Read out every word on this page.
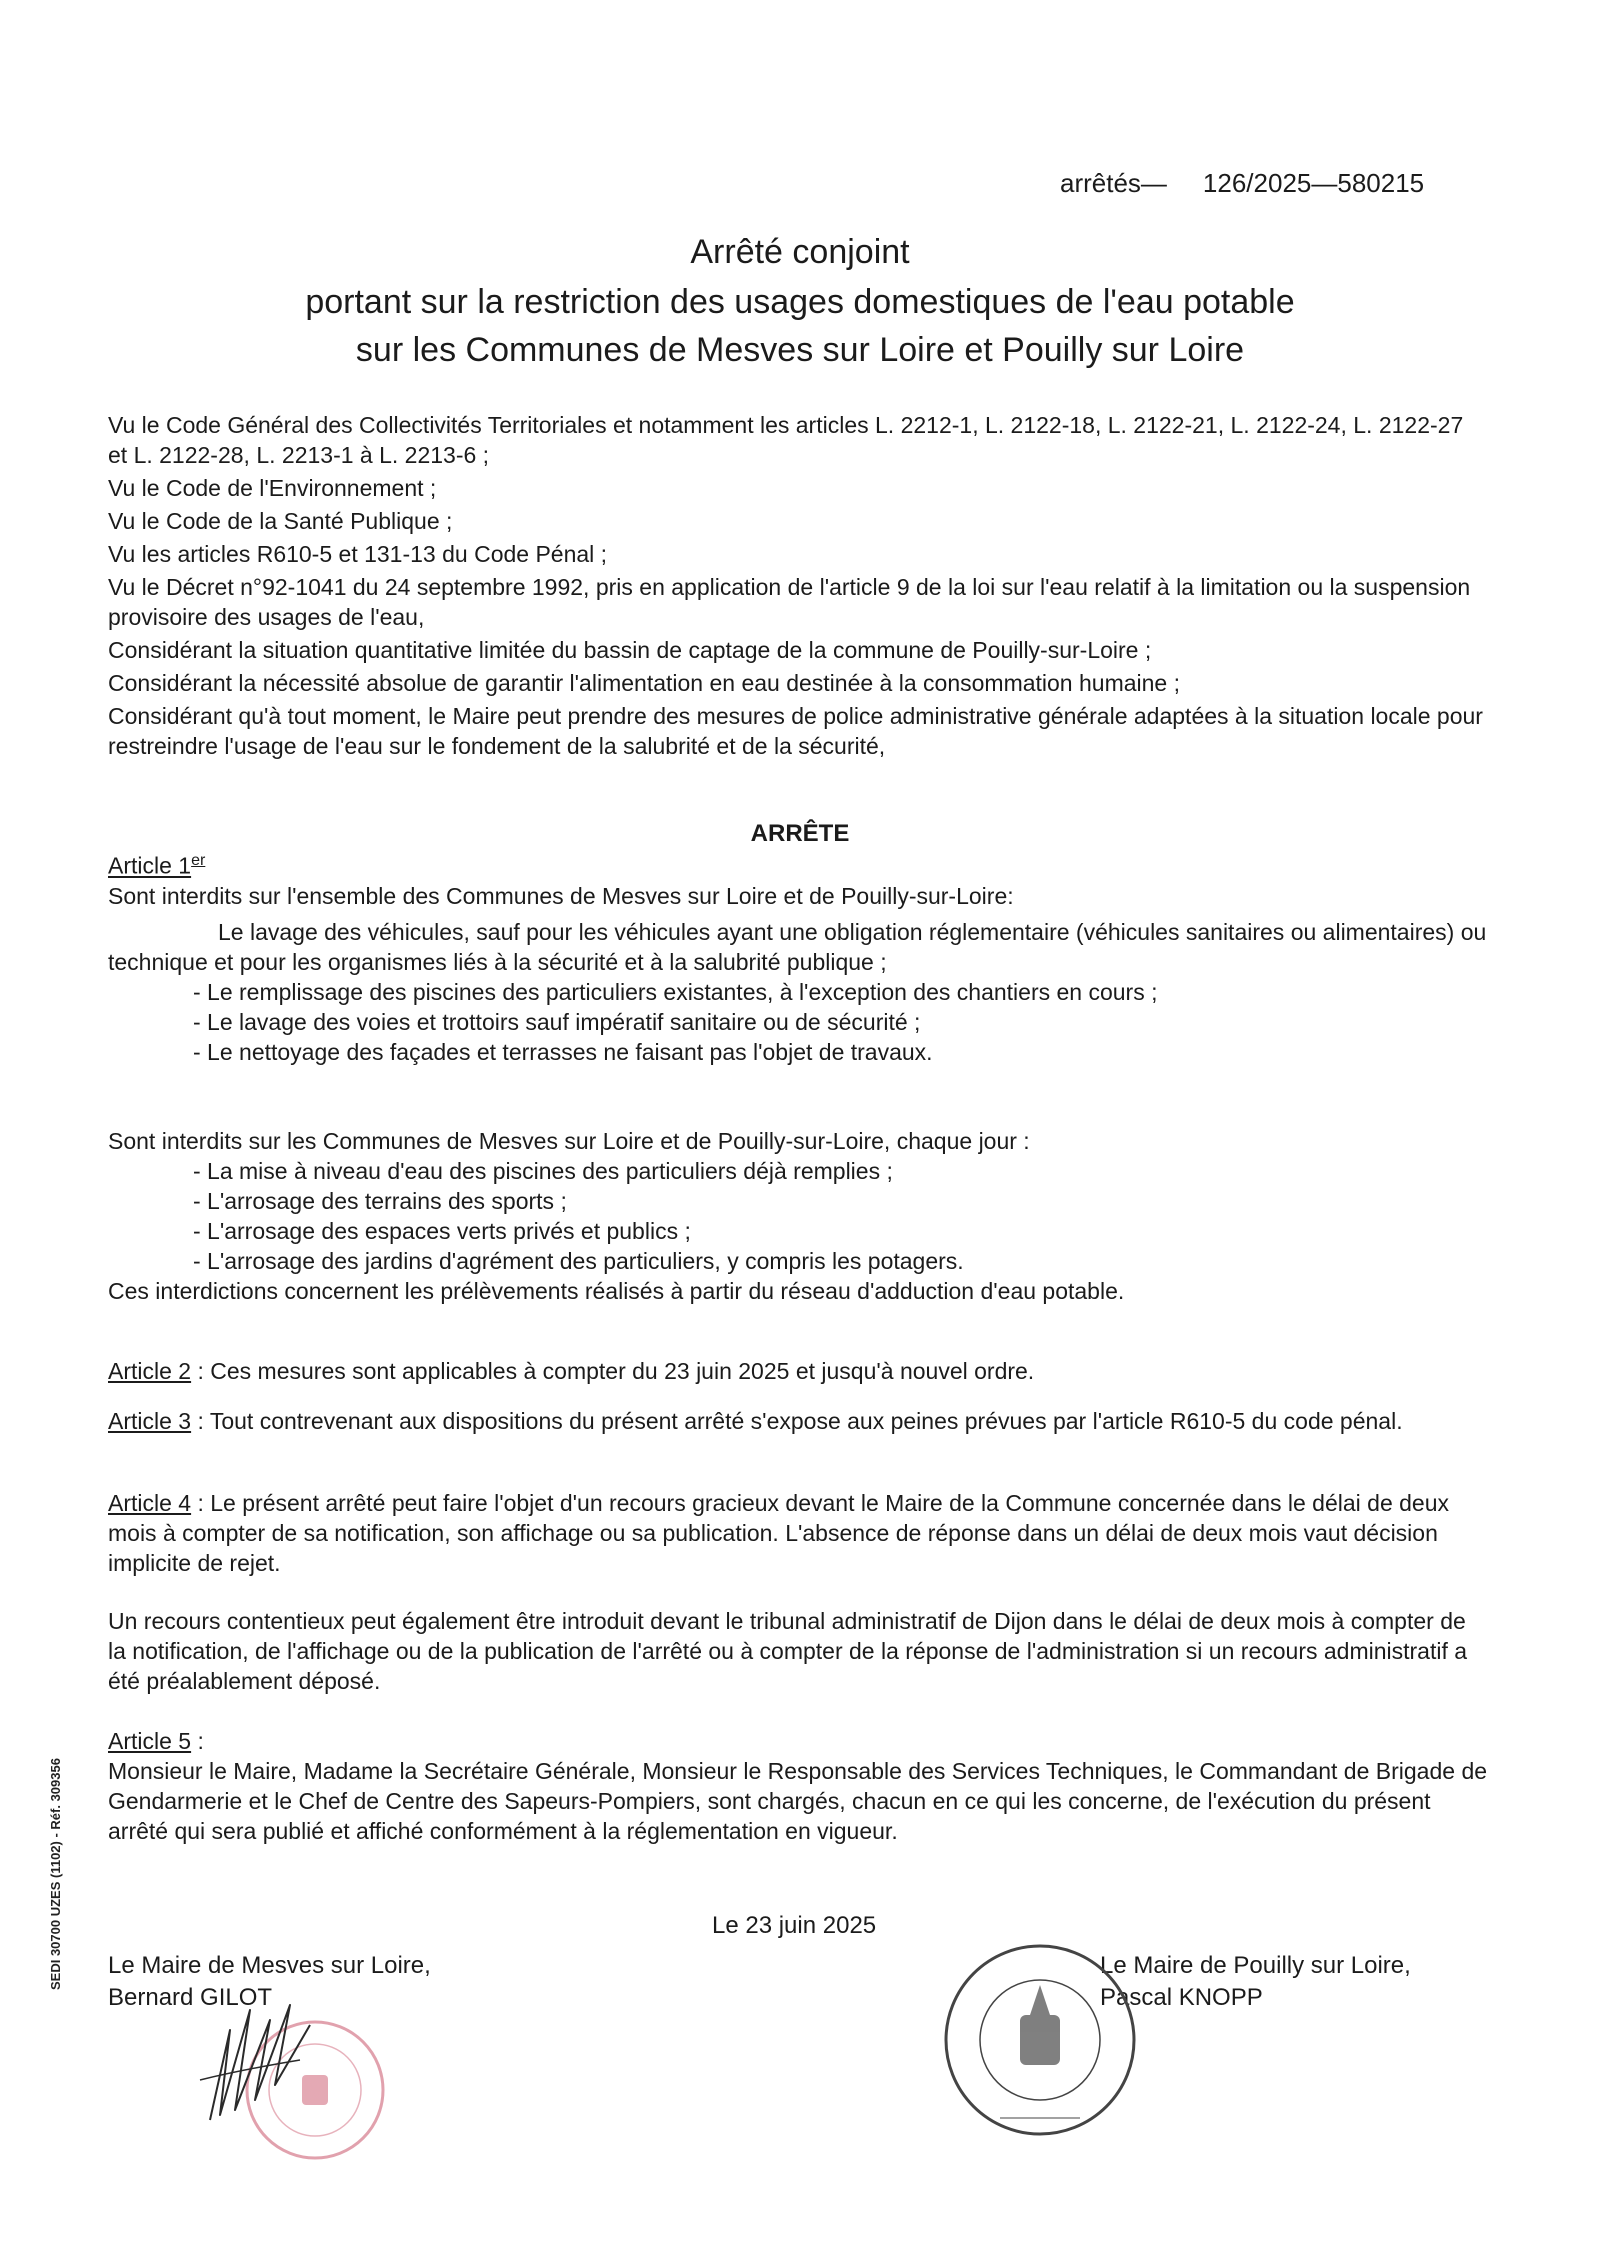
arrêtés— 126/2025—580215
Arrêté conjoint
portant sur la restriction des usages domestiques de l'eau potable
sur les Communes de Mesves sur Loire et Pouilly sur Loire

Vu le Code Général des Collectivités Territoriales et notamment les articles L. 2212-1, L. 2122-18, L. 2122-21, L. 2122-24, L. 2122-27 et L. 2122-28, L. 2213-1 à L. 2213-6 ;

Vu le Code de l'Environnement ;

Vu le Code de la Santé Publique ;

Vu les articles R610-5 et 131-13 du Code Pénal ;

Vu le Décret n°92-1041 du 24 septembre 1992, pris en application de l'article 9 de la loi sur l'eau relatif à la limitation ou la suspension provisoire des usages de l'eau,

Considérant la situation quantitative limitée du bassin de captage de la commune de Pouilly-sur-Loire ;

Considérant la nécessité absolue de garantir l'alimentation en eau destinée à la consommation humaine ;

Considérant qu'à tout moment, le Maire peut prendre des mesures de police administrative générale adaptées à la situation locale pour restreindre l'usage de l'eau sur le fondement de la salubrité et de la sécurité,

ARRÊTE

Article 1er

Sont interdits sur l'ensemble des Communes de Mesves sur Loire et de Pouilly-sur-Loire:

Le lavage des véhicules, sauf pour les véhicules ayant une obligation réglementaire (véhicules sanitaires ou alimentaires) ou technique et pour les organismes liés à la sécurité et à la salubrité publique ;

- Le remplissage des piscines des particuliers existantes, à l'exception des chantiers en cours ;

- Le lavage des voies et trottoirs sauf impératif sanitaire ou de sécurité ;

- Le nettoyage des façades et terrasses ne faisant pas l'objet de travaux.

Sont interdits sur les Communes de Mesves sur Loire et de Pouilly-sur-Loire, chaque jour :

- La mise à niveau d'eau des piscines des particuliers déjà remplies ;

- L'arrosage des terrains des sports ;

- L'arrosage des espaces verts privés et publics ;

- L'arrosage des jardins d'agrément des particuliers, y compris les potagers.

Ces interdictions concernent les prélèvements réalisés à partir du réseau d'adduction d'eau potable.

Article 2 : Ces mesures sont applicables à compter du 23 juin 2025 et jusqu'à nouvel ordre.

Article 3 : Tout contrevenant aux dispositions du présent arrêté s'expose aux peines prévues par l'article R610-5 du code pénal.

Article 4 : Le présent arrêté peut faire l'objet d'un recours gracieux devant le Maire de la Commune concernée dans le délai de deux mois à compter de sa notification, son affichage ou sa publication. L'absence de réponse dans un délai de deux mois vaut décision implicite de rejet.

Un recours contentieux peut également être introduit devant le tribunal administratif de Dijon dans le délai de deux mois à compter de la notification, de l'affichage ou de la publication de l'arrêté ou à compter de la réponse de l'administration si un recours administratif a été préalablement déposé.

Article 5 :

Monsieur le Maire, Madame la Secrétaire Générale, Monsieur le Responsable des Services Techniques, le Commandant de Brigade de Gendarmerie et le Chef de Centre des Sapeurs-Pompiers, sont chargés, chacun en ce qui les concerne, de l'exécution du présent arrêté qui sera publié et affiché conformément à la réglementation en vigueur.

Le 23 juin 2025
Le Maire de Mesves sur Loire,
Bernard GILOT
Le Maire de Pouilly sur Loire,
Pascal KNOPP
SEDI 30700 UZES (1102) - Réf. 309356
